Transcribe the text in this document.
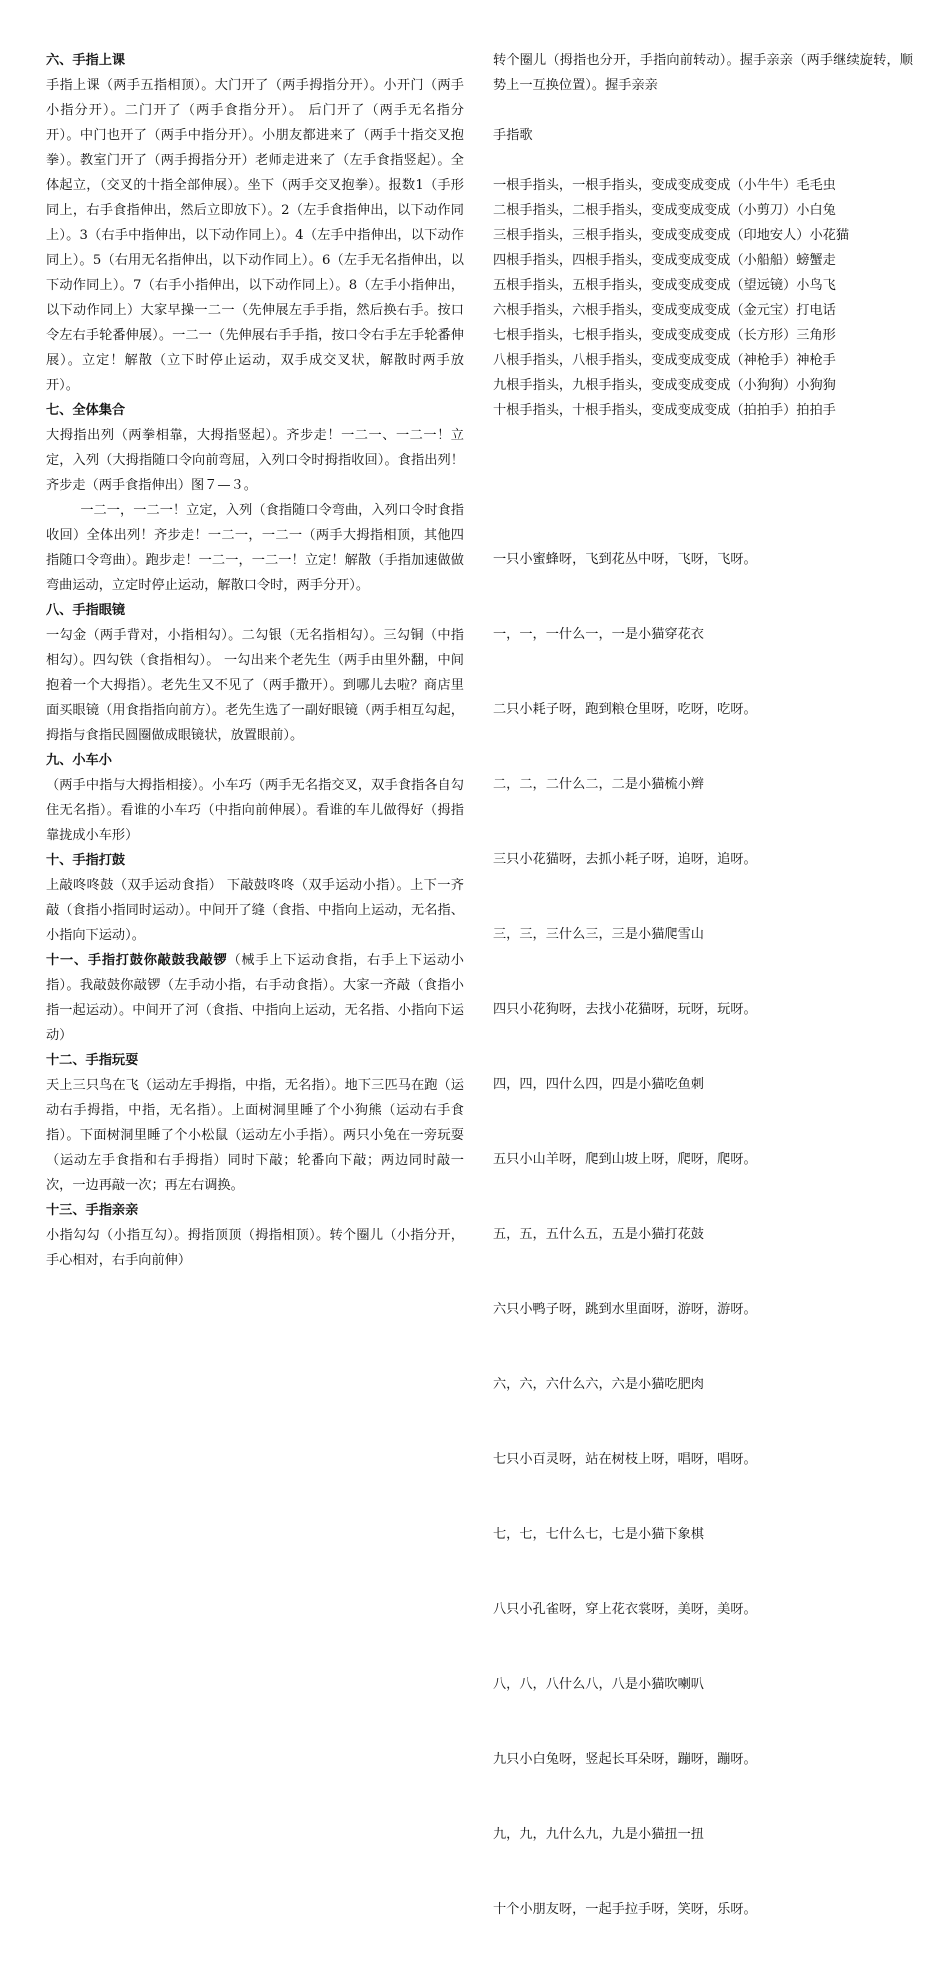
六、手指上课

手指上课（两手五指相顶）。大门开了（两手拇指分开）。小开门（两手小指分开）。二门开了（两手食指分开）。 后门开了（两手无名指分开）。中门也开了（两手中指分开）。小朋友都进来了（两手十指交叉抱拳）。教室门开了（两手拇指分开）老师走进来了（左手食指竖起）。全体起立，（交叉的十指全部伸展）。坐下（两手交叉抱拳）。报数1（手形同上，右手食指伸出，然后立即放下）。2（左手食指伸出，以下动作同上）。3（右手中指伸出，以下动作同上）。4（左手中指伸出，以下动作同上）。5（右用无名指伸出，以下动作同上）。6（左手无名指伸出，以下动作同上）。7（右手小指伸出，以下动作同上）。8（左手小指伸出，以下动作同上）大家早操一二一（先伸展左手手指，然后换右手。按口令左右手轮番伸展）。一二一（先伸展右手手指，按口令右手左手轮番伸展）。立定！解散（立下时停止运动，双手成交叉状，解散时两手放开）。

七、全体集合

大拇指出列（两拳相靠，大拇指竖起）。齐步走！一二一、一二一！立定，入列（大拇指随口令向前弯屈，入列口令时拇指收回）。食指出列！齐步走（两手食指伸出）图７—３。

一二一，一二一！立定，入列（食指随口令弯曲，入列口令时食指收回）全体出列！齐步走！一二一，一二一（两手大拇指相顶，其他四指随口令弯曲）。跑步走！一二一，一二一！立定！解散（手指加速做做弯曲运动，立定时停止运动，解散口令时，两手分开）。

八、手指眼镜

一勾金（两手背对，小指相勾）。二勾银（无名指相勾）。三勾铜（中指相勾）。四勾铁（食指相勾）。 一勾出来个老先生（两手由里外翻，中间抱着一个大拇指）。老先生又不见了（两手撒开）。到哪儿去啦？商店里面买眼镜（用食指指向前方）。老先生选了一副好眼镜（两手相互勾起，拇指与食指民圆圈做成眼镜状，放置眼前）。

九、小车小

（两手中指与大拇指相接）。小车巧（两手无名指交叉，双手食指各自勾住无名指）。看谁的小车巧（中指向前伸展）。看谁的车儿做得好（拇指靠拢成小车形）

十、手指打鼓

上敲咚咚鼓（双手运动食指） 下敲鼓咚咚（双手运动小指）。上下一齐敲（食指小指同时运动）。中间开了缝（食指、中指向上运动，无名指、小指向下运动）。

十一、手指打鼓你敲鼓我敲锣（械手上下运动食指，右手上下运动小指）。我敲鼓你敲锣（左手动小指，右手动食指）。大家一齐敲（食指小指一起运动）。中间开了河（食指、中指向上运动，无名指、小指向下运动）

十二、手指玩耍

天上三只鸟在飞（运动左手拇指，中指，无名指）。地下三匹马在跑（运动右手拇指，中指，无名指）。上面树洞里睡了个小狗熊（运动右手食指）。下面树洞里睡了个小松鼠（运动左小手指）。两只小兔在一旁玩耍（运动左手食指和右手拇指）同时下敲；轮番向下敲；两边同时敲一次，一边再敲一次；再左右调换。

十三、手指亲亲

小指勾勾（小指互勾）。拇指顶顶（拇指相顶）。转个圈儿（小指分开，手心相对，右手向前伸）

转个圈儿（拇指也分开，手指向前转动）。握手亲亲（两手继续旋转，顺势上一互换位置）。握手亲亲

手指歌

一根手指头，一根手指头，变成变成变成（小牛牛）毛毛虫

二根手指头，二根手指头，变成变成变成（小剪刀）小白兔

三根手指头，三根手指头，变成变成变成（印地安人）小花猫

四根手指头，四根手指头，变成变成变成（小船船）螃蟹走

五根手指头，五根手指头，变成变成变成（望远镜）小鸟飞

六根手指头，六根手指头，变成变成变成（金元宝）打电话

七根手指头，七根手指头，变成变成变成（长方形）三角形

八根手指头，八根手指头，变成变成变成（神枪手）神枪手

九根手指头，九根手指头，变成变成变成（小狗狗）小狗狗

十根手指头，十根手指头，变成变成变成（拍拍手）拍拍手

一只小蜜蜂呀，飞到花丛中呀，飞呀，飞呀。

一，一，一什么一，一是小猫穿花衣

二只小耗子呀，跑到粮仓里呀，吃呀，吃呀。

二，二，二什么二，二是小猫梳小辫

三只小花猫呀，去抓小耗子呀，追呀，追呀。

三，三，三什么三，三是小猫爬雪山

四只小花狗呀，去找小花猫呀，玩呀，玩呀。

四，四，四什么四，四是小猫吃鱼刺

五只小山羊呀，爬到山坡上呀，爬呀，爬呀。

五，五，五什么五，五是小猫打花鼓

六只小鸭子呀，跳到水里面呀，游呀，游呀。

六，六，六什么六，六是小猫吃肥肉

七只小百灵呀，站在树枝上呀，唱呀，唱呀。

七，七，七什么七，七是小猫下象棋

八只小孔雀呀，穿上花衣裳呀，美呀，美呀。

八，八，八什么八，八是小猫吹喇叭

九只小白兔呀，竖起长耳朵呀，蹦呀，蹦呀。

九，九，九什么九，九是小猫扭一扭

十个小朋友呀，一起手拉手呀，笑呀，乐呀。
